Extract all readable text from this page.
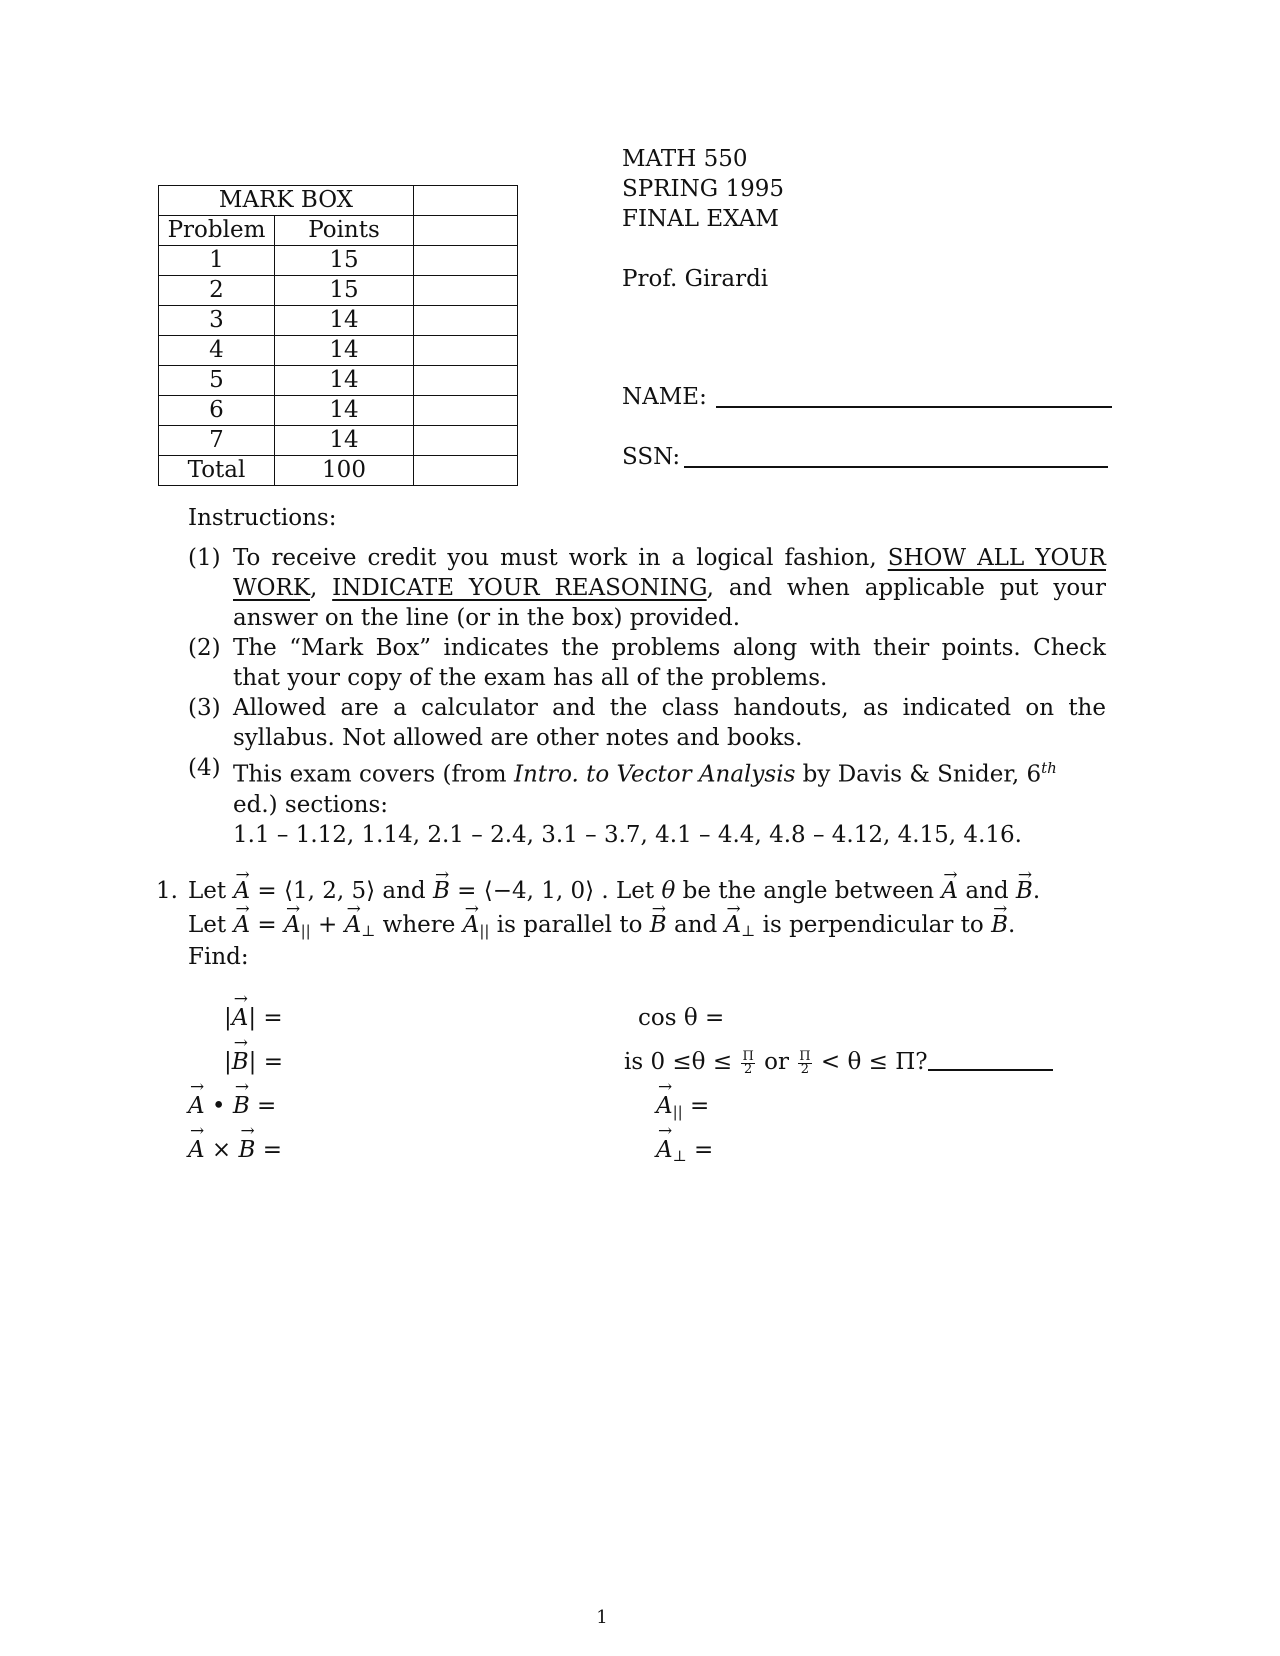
MARK BOX		
Problem	Points	
1	15	
2	15	
3	14	
4	14	
5	14	
6	14	
7	14	
Total	100	
MATH 550
SPRING 1995
FINAL EXAM
Prof. Girardi
NAME:
SSN:
Instructions:
(1) To receive credit you must work in a logical fashion, SHOW ALL YOUR WORK, INDICATE YOUR REASONING, and when applicable put your answer on the line (or in the box) provided.
(2) The “Mark Box” indicates the problems along with their points. Check that your copy of the exam has all of the problems.
(3) Allowed are a calculator and the class handouts, as indicated on the syllabus. Not allowed are other notes and books.
(4) This exam covers (from Intro. to Vector Analysis by Davis & Snider, 6th ed.) sections:
1.1 – 1.12, 1.14, 2.1 – 2.4, 3.1 – 3.7, 4.1 – 4.4, 4.8 – 4.12, 4.15, 4.16.
1. Let → A = ⟨1, 2, 5⟩ and → B = ⟨−4, 1, 0⟩ . Let θ be the angle between → A and → B.
Let → A = → $A_{||}$ + → $A_\perp$ where → $A_{||}$ is parallel to → B and → $A_\perp$ is perpendicular to → B.
Find:
|→ A| =
|→ B| =
→ A • → B =
→ A × → B =
cos θ =
is $0 \le\theta \le \frac{\Pi}{2}$ or $\frac{\Pi}{2} < \theta \le \Pi$?
→ $A_{||}$ =
→ $A_\perp$ =
1
